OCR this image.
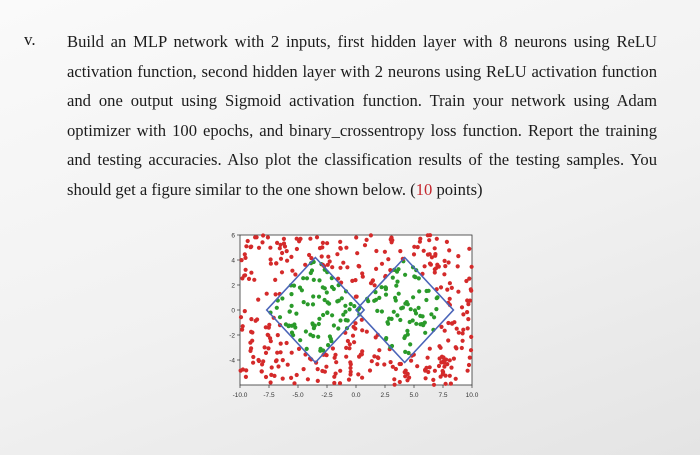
v. Build an MLP network with 2 inputs, first hidden layer with 8 neurons using ReLU activation function, second hidden layer with 2 neurons using ReLU activation function and one output using Sigmoid activation function. Train your network using Adam optimizer with 100 epochs, and binary_crossentropy loss function. Report the training and testing accuracies. Also plot the classification results of the testing samples. You should get a figure similar to the one shown below. (10 points)
-10.0 -7.5	-5.0	-2.5	0.0	2.5	5.0	7.5	10.0
-4
-2
0
2
4
6
